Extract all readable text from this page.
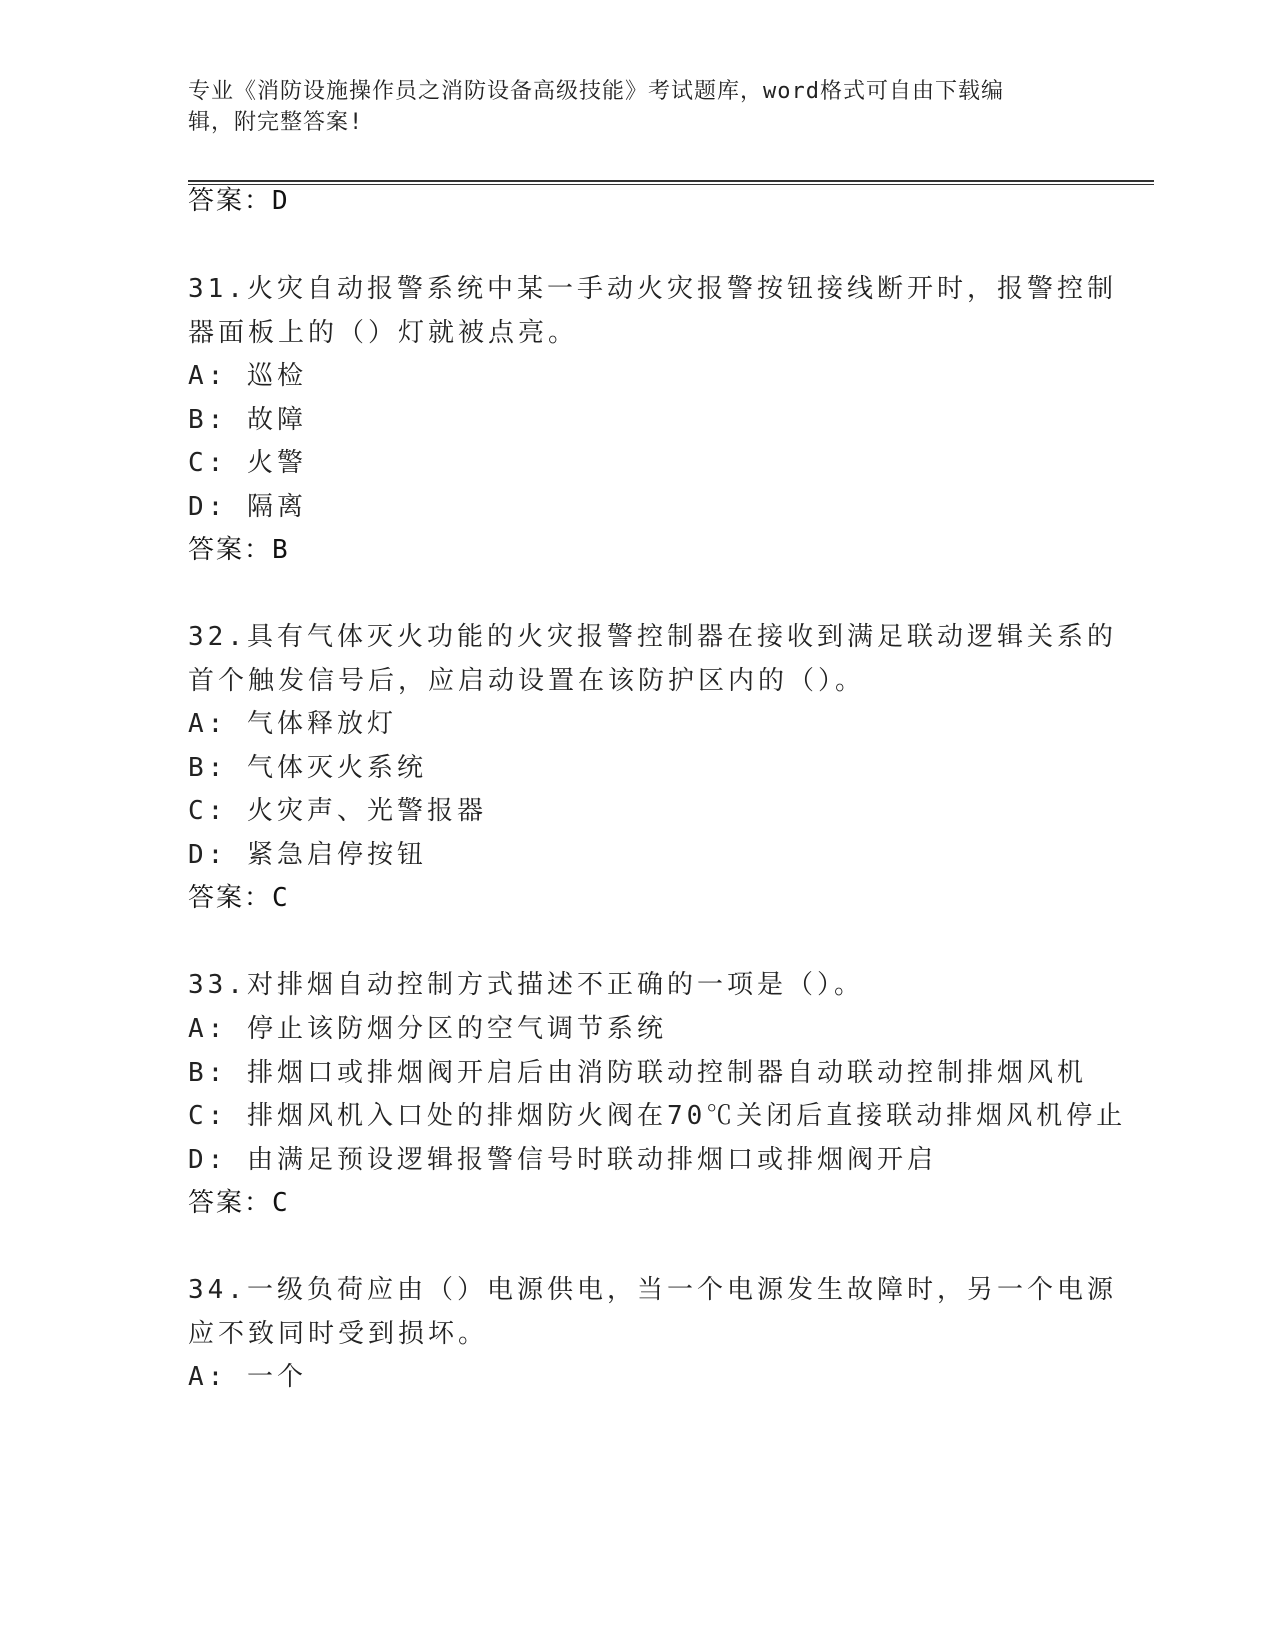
专业《消防设施操作员之消防设备高级技能》考试题库，word格式可自由下载编
辑，附完整答案!
答案：D
31.火灾自动报警系统中某一手动火灾报警按钮接线断开时，报警控制
器面板上的（）灯就被点亮。
A: 巡检
B: 故障
C: 火警
D: 隔离
答案：B
32.具有气体灭火功能的火灾报警控制器在接收到满足联动逻辑关系的
首个触发信号后，应启动设置在该防护区内的（）。
A: 气体释放灯
B: 气体灭火系统
C: 火灾声、光警报器
D: 紧急启停按钮
答案：C
33.对排烟自动控制方式描述不正确的一项是（）。
A: 停止该防烟分区的空气调节系统
B: 排烟口或排烟阀开启后由消防联动控制器自动联动控制排烟风机
C: 排烟风机入口处的排烟防火阀在70℃关闭后直接联动排烟风机停止
D: 由满足预设逻辑报警信号时联动排烟口或排烟阀开启
答案：C
34.一级负荷应由（）电源供电，当一个电源发生故障时，另一个电源
应不致同时受到损坏。
A: 一个
